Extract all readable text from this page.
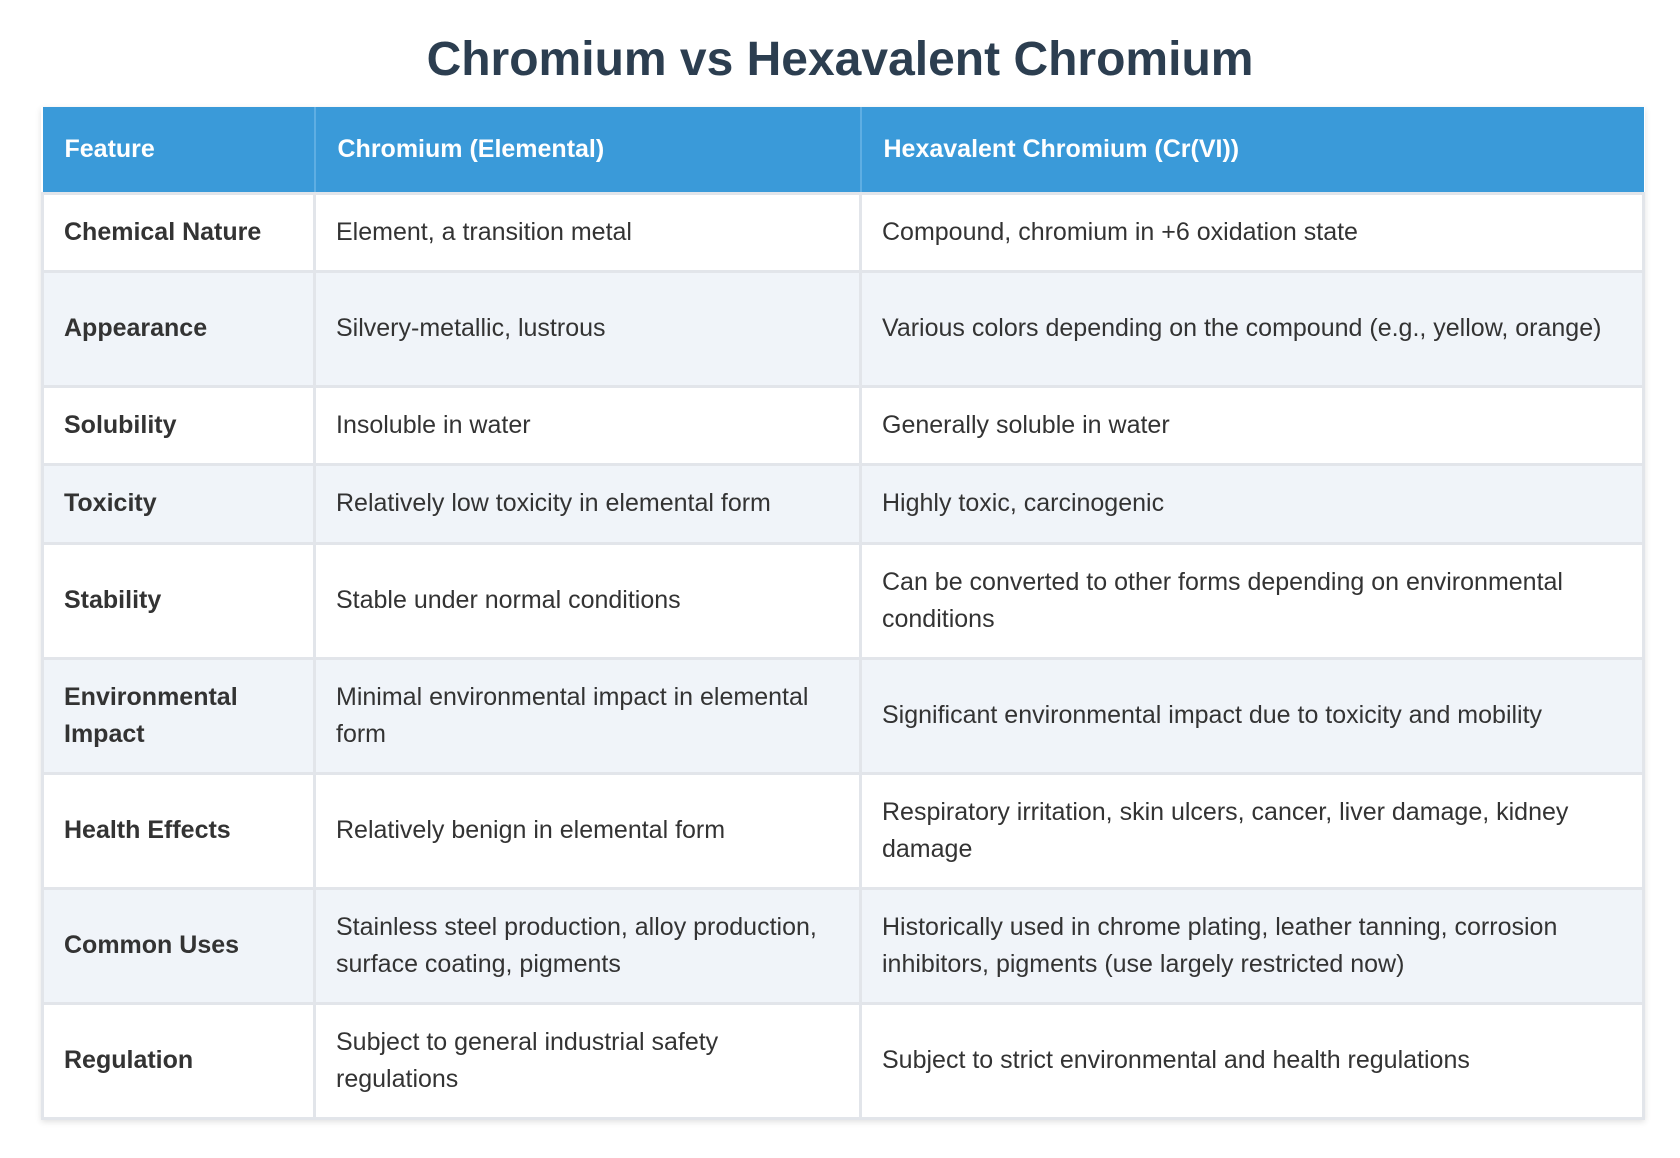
Chromium vs Hexavalent Chromium
Feature	Chromium (Elemental)	Hexavalent Chromium (Cr(VI))
Chemical Nature	Element, a transition metal	Compound, chromium in +6 oxidation state
Appearance	Silvery-metallic, lustrous	Various colors depending on the compound (e.g., yellow, orange)
Solubility	Insoluble in water	Generally soluble in water
Toxicity	Relatively low toxicity in elemental form	Highly toxic, carcinogenic
Stability	Stable under normal conditions	Can be converted to other forms depending on environmental conditions
Environmental Impact	Minimal environmental impact in elemental form	Significant environmental impact due to toxicity and mobility
Health Effects	Relatively benign in elemental form	Respiratory irritation, skin ulcers, cancer, liver damage, kidney damage
Common Uses	Stainless steel production, alloy production, surface coating, pigments	Historically used in chrome plating, leather tanning, corrosion inhibitors, pigments (use largely restricted now)
Regulation	Subject to general industrial safety regulations	Subject to strict environmental and health regulations
